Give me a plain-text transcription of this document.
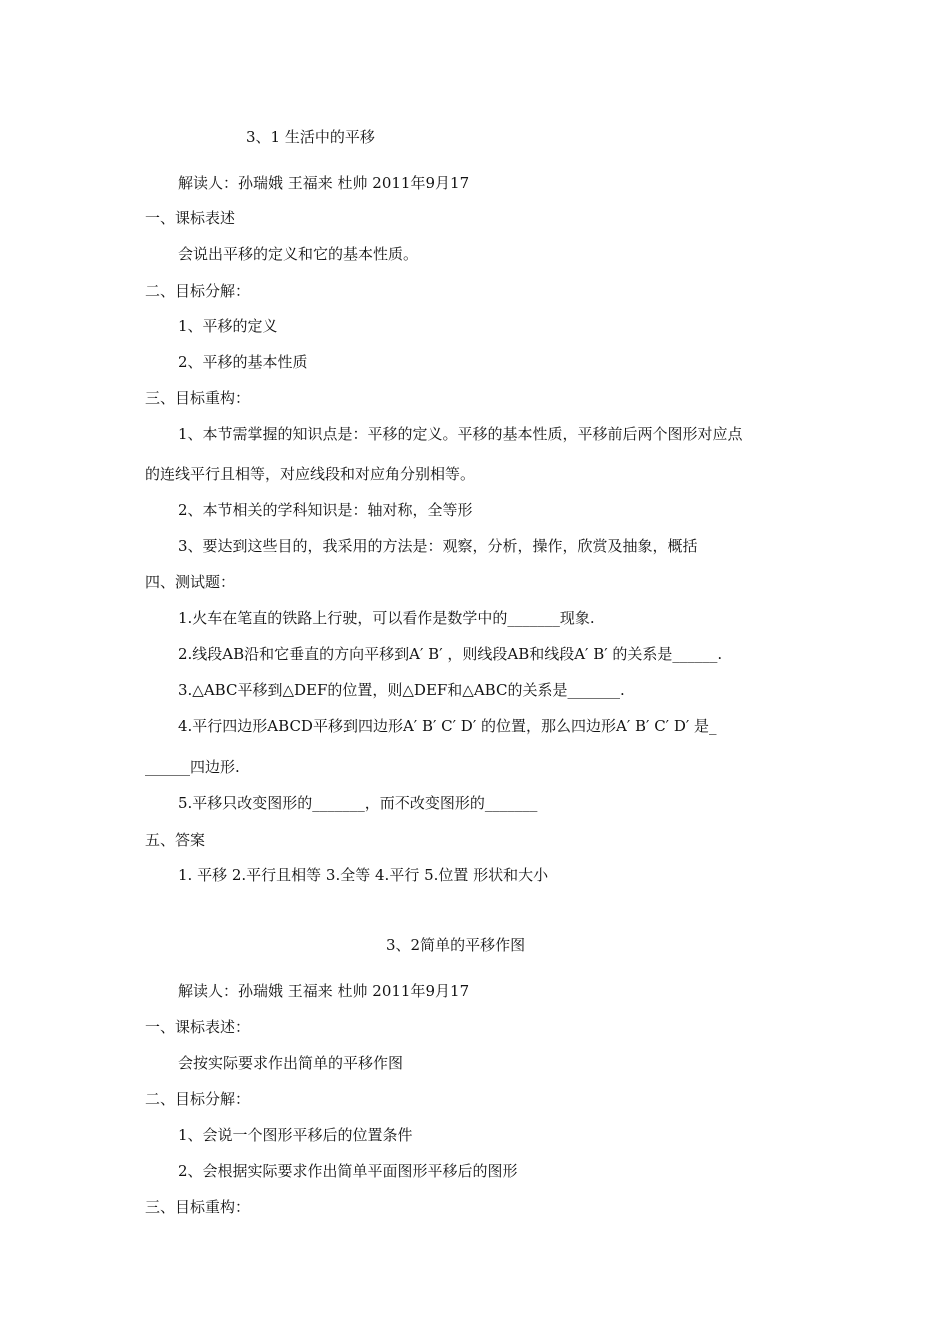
3、1 生活中的平移
解读人：孙瑞娥 王福来 杜帅 2011年9月17
一、课标表述
会说出平移的定义和它的基本性质。
二、目标分解：
1、平移的定义
2、平移的基本性质
三、目标重构：
1、本节需掌握的知识点是：平移的定义。平移的基本性质，平移前后两个图形对应点
的连线平行且相等，对应线段和对应角分别相等。
2、本节相关的学科知识是：轴对称，全等形
3、要达到这些目的，我采用的方法是：观察，分析，操作，欣赏及抽象，概括
四、测试题：
1.火车在笔直的铁路上行驶，可以看作是数学中的_______现象.
2.线段AB沿和它垂直的方向平移到A′ B′ ，则线段AB和线段A′ B′ 的关系是______.
3.△ABC平移到△DEF的位置，则△DEF和△ABC的关系是_______.
4.平行四边形ABCD平移到四边形A′ B′ C′ D′ 的位置，那么四边形A′ B′ C′ D′ 是_
______四边形.
5.平移只改变图形的_______，而不改变图形的_______
五、答案
1. 平移 2.平行且相等 3.全等 4.平行 5.位置 形状和大小
3、2简单的平移作图
解读人：孙瑞娥 王福来 杜帅 2011年9月17
一、课标表述：
会按实际要求作出简单的平移作图
二、目标分解：
1、会说一个图形平移后的位置条件
2、会根据实际要求作出简单平面图形平移后的图形
三、目标重构：
